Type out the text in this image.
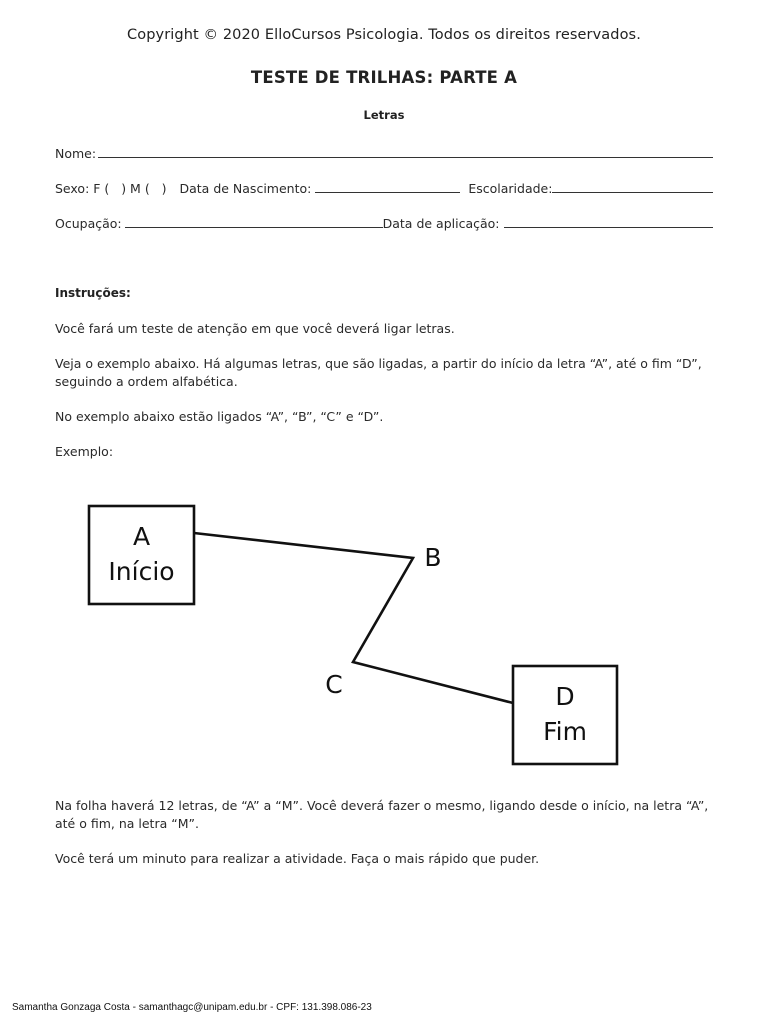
Copyright © 2020 ElloCursos Psicologia. Todos os direitos reservados.
TESTE DE TRILHAS: PARTE A
Letras
Nome:
Sexo: F (   ) M (   ) Data de Nascimento:	Escolaridade:
Ocupação:	Data de aplicação:
Instruções:
Você fará um teste de atenção em que você deverá ligar letras.
Veja o exemplo abaixo. Há algumas letras, que são ligadas, a partir do início da letra “A”, até o fim “D”, seguindo a ordem alfabética.
No exemplo abaixo estão ligados “A”, “B”, “C” e “D”.
Exemplo:
A
Início	B
C	D
Fim
Na folha haverá 12 letras, de “A” a “M”. Você deverá fazer o mesmo, ligando desde o início, na letra “A”, até o fim, na letra “M”.
Você terá um minuto para realizar a atividade. Faça o mais rápido que puder.
Samantha Gonzaga Costa - samanthagc@unipam.edu.br - CPF: 131.398.086-23
